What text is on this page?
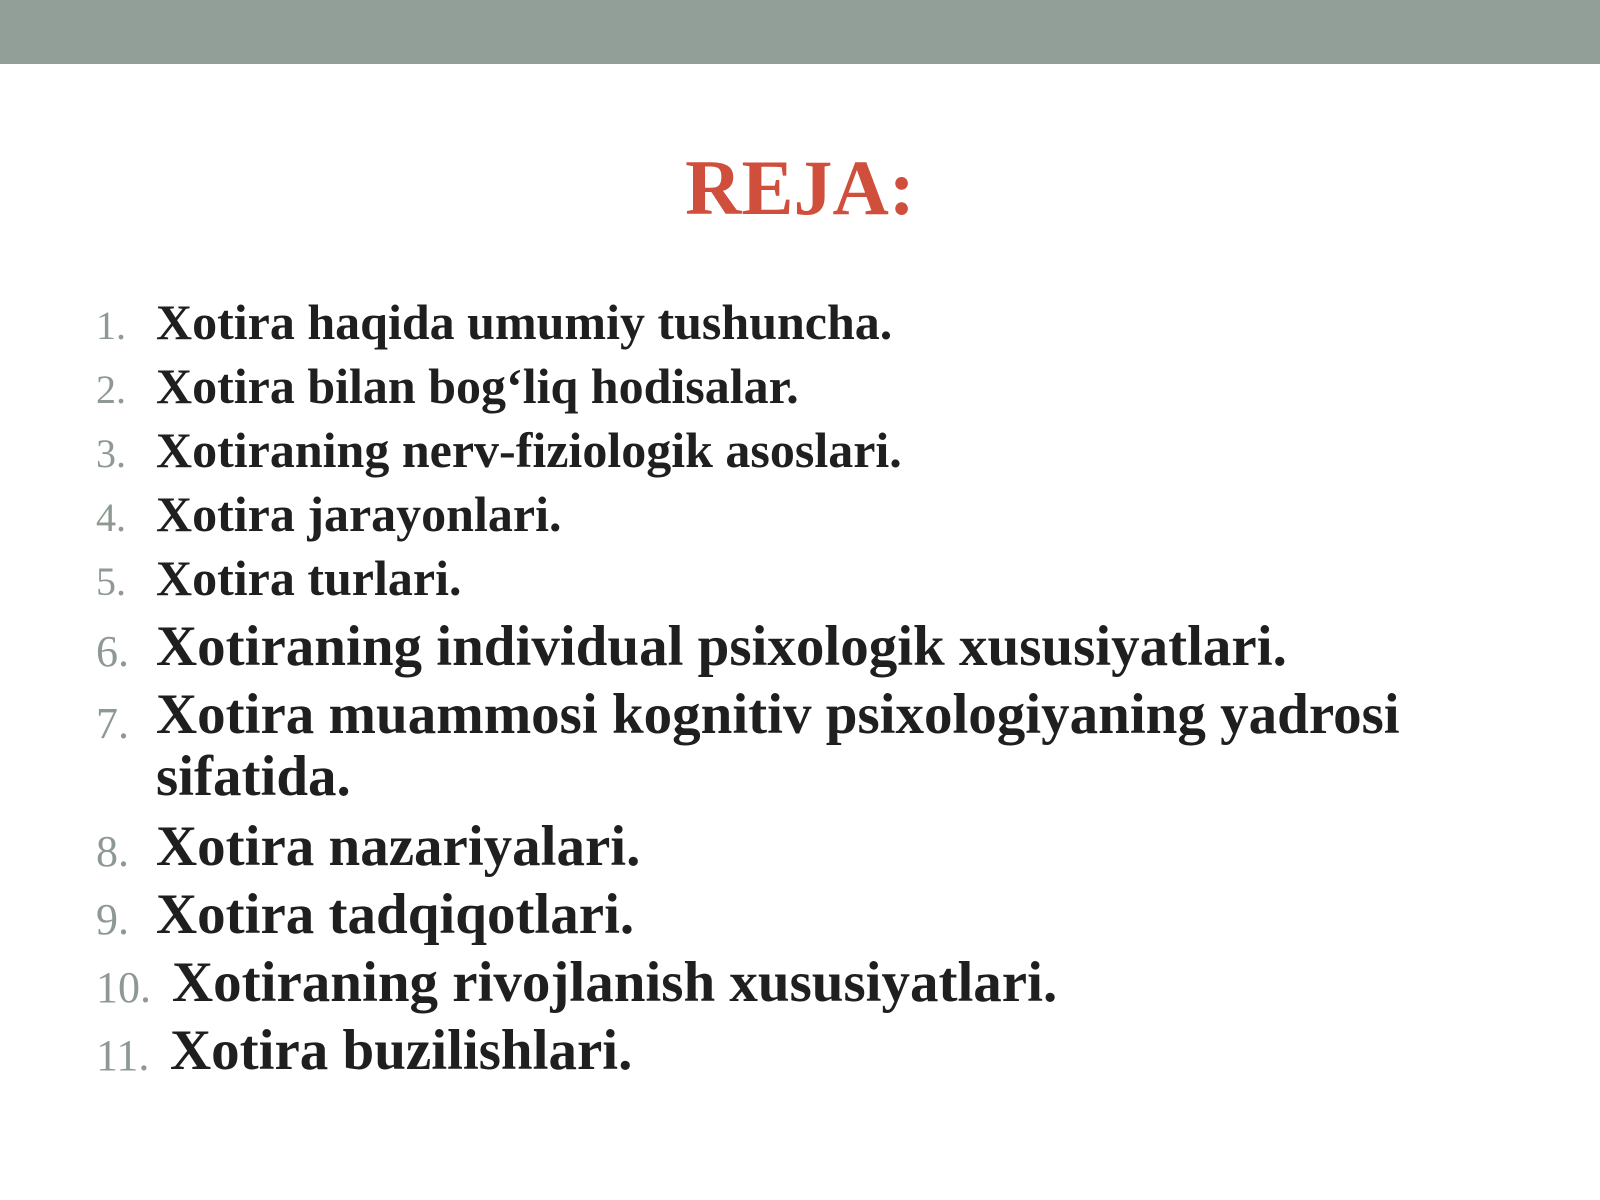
REJA:
1. Xotira haqida umumiy tushuncha.
2. Xotira bilan bog‘liq hodisalar.
3. Xotiraning nerv-fiziologik asoslari.
4. Xotira jarayonlari.
5. Xotira turlari.
6. Xotiraning individual psixologik xususiyatlari.
7. Xotira muammosi kognitiv psixologiyaning yadrosi sifatida.
8. Xotira nazariyalari.
9. Xotira tadqiqotlari.
10. Xotiraning rivojlanish xususiyatlari.
11. Xotira buzilishlari.
